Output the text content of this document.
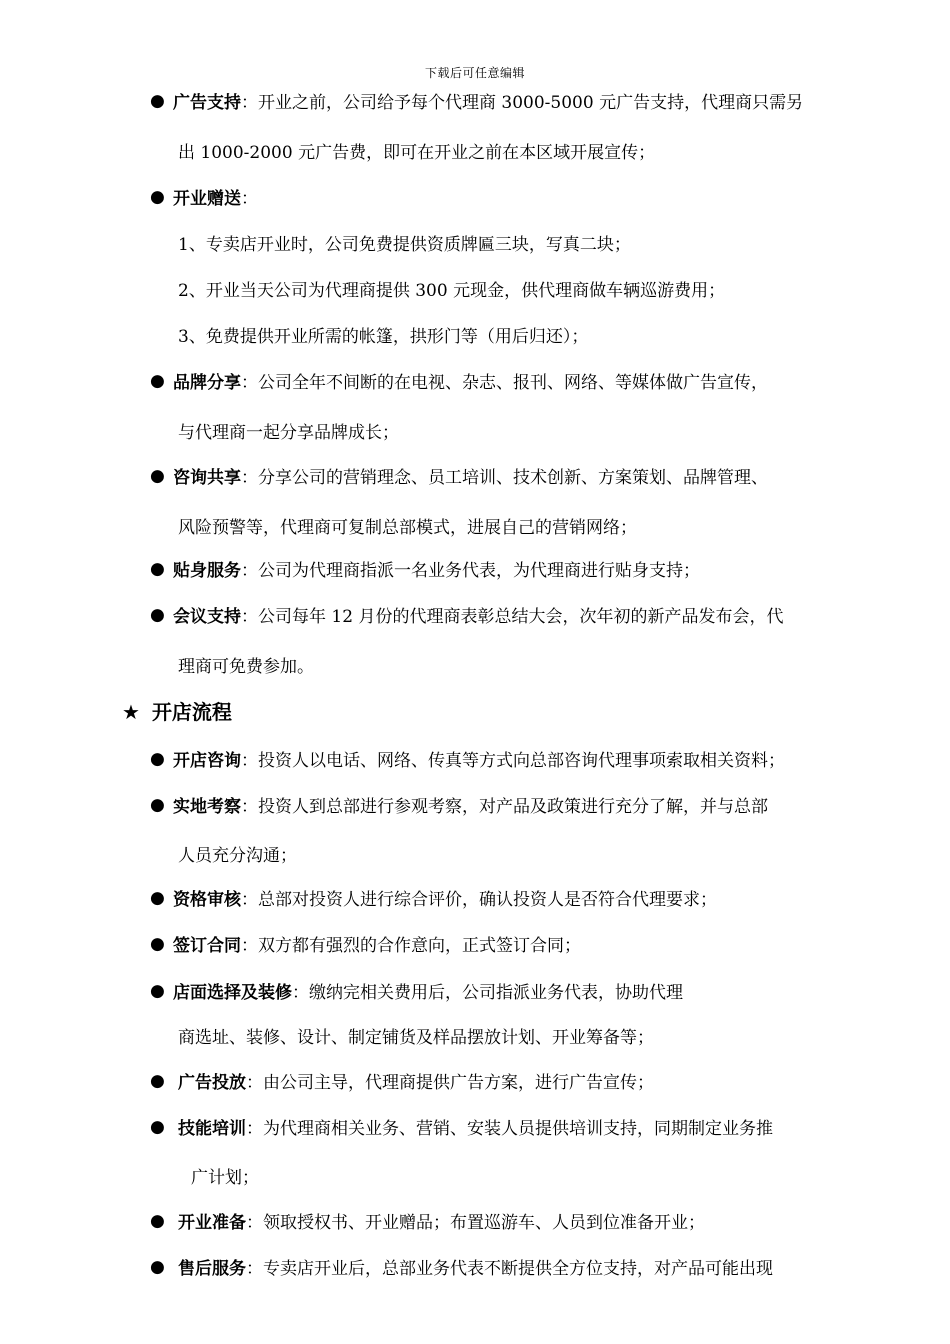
下载后可任意编辑
● 广告支持：开业之前，公司给予每个代理商 3000-5000 元广告支持，代理商只需另
出 1000-2000 元广告费，即可在开业之前在本区域开展宣传；
● 开业赠送：
1、专卖店开业时，公司免费提供资质牌匾三块，写真二块；
2、开业当天公司为代理商提供 300 元现金，供代理商做车辆巡游费用；
3、免费提供开业所需的帐篷，拱形门等（用后归还）；
● 品牌分享：公司全年不间断的在电视、杂志、报刊、网络、等媒体做广告宣传，
与代理商一起分享品牌成长；
● 咨询共享：分享公司的营销理念、员工培训、技术创新、方案策划、品牌管理、
风险预警等，代理商可复制总部模式，进展自己的营销网络；
● 贴身服务：公司为代理商指派一名业务代表，为代理商进行贴身支持；
● 会议支持：公司每年 12 月份的代理商表彰总结大会，次年初的新产品发布会，代
理商可免费参加。
★ 开店流程
● 开店咨询：投资人以电话、网络、传真等方式向总部咨询代理事项索取相关资料；
● 实地考察：投资人到总部进行参观考察，对产品及政策进行充分了解，并与总部
人员充分沟通；
● 资格审核：总部对投资人进行综合评价，确认投资人是否符合代理要求；
● 签订合同：双方都有强烈的合作意向，正式签订合同；
● 店面选择及装修：缴纳完相关费用后，公司指派业务代表，协助代理
商选址、装修、设计、制定铺货及样品摆放计划、开业筹备等；
● 广告投放：由公司主导，代理商提供广告方案，进行广告宣传；
● 技能培训：为代理商相关业务、营销、安装人员提供培训支持，同期制定业务推
广计划；
● 开业准备：领取授权书、开业赠品；布置巡游车、人员到位准备开业；
● 售后服务：专卖店开业后，总部业务代表不断提供全方位支持，对产品可能出现
